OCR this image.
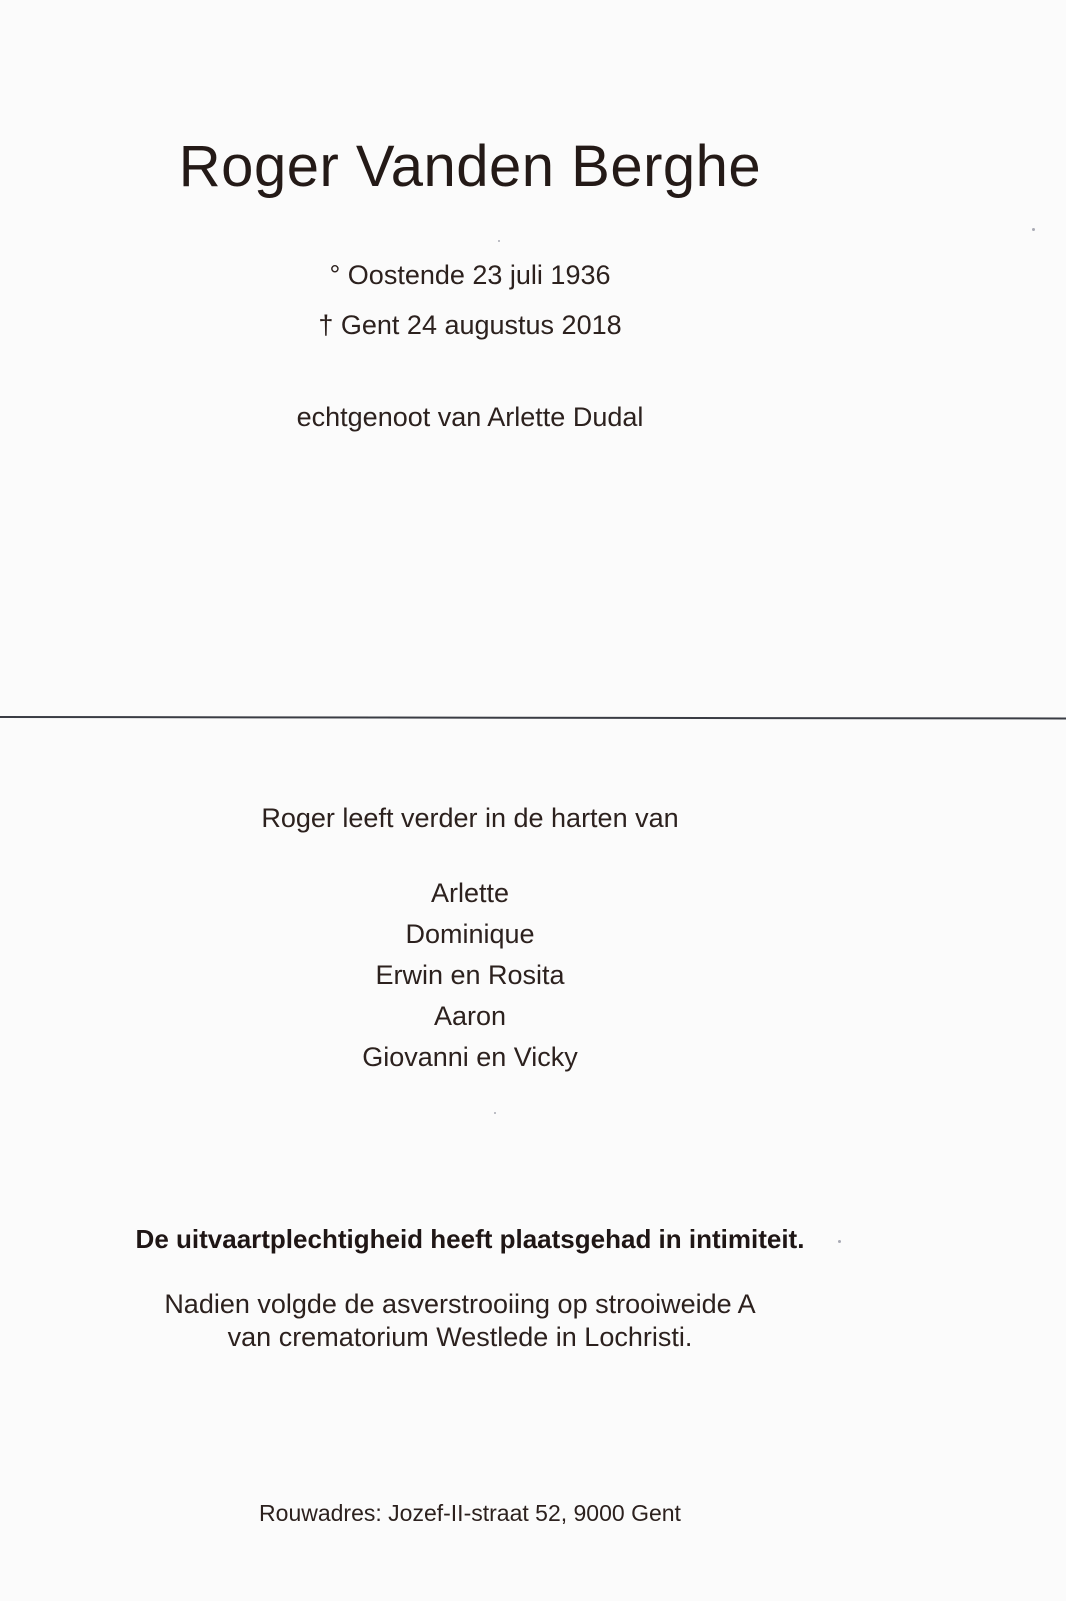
Roger Vanden Berghe
° Oostende 23 juli 1936
† Gent 24 augustus 2018
echtgenoot van Arlette Dudal
Roger leeft verder in de harten van
Arlette
Dominique
Erwin en Rosita
Aaron
Giovanni en Vicky
De uitvaartplechtigheid heeft plaatsgehad in intimiteit.
Nadien volgde de asverstrooiing op strooiweide A
van crematorium Westlede in Lochristi.
Rouwadres: Jozef-II-straat 52, 9000 Gent
